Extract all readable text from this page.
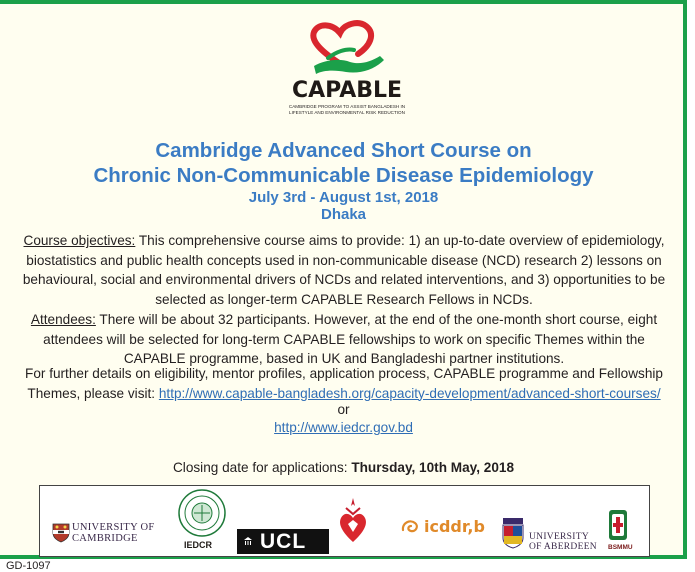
CAPABLE
CAMBRIDGE PROGRAM TO ASSIST BANGLADESH IN LIFESTYLE AND ENVIRONMENTAL RISK REDUCTION
Cambridge Advanced Short Course on
Chronic Non-Communicable Disease Epidemiology
July 3rd - August 1st, 2018
Dhaka
Course objectives: This comprehensive course aims to provide: 1) an up-to-date overview of epidemiology, biostatistics and public health concepts used in non-communicable disease (NCD) research 2) lessons on behavioural, social and environmental drivers of NCDs and related interventions, and 3) opportunities to be selected as longer-term CAPABLE Research Fellows in NCDs.
Attendees: There will be about 32 participants. However, at the end of the one-month short course, eight attendees will be selected for long-term CAPABLE fellowships to work on specific Themes within the CAPABLE programme, based in UK and Bangladeshi partner institutions.
For further details on eligibility, mentor profiles, application process, CAPABLE programme and Fellowship Themes, please visit: http://www.capable-bangladesh.org/capacity-development/advanced-short-courses/
or
http://www.iedcr.gov.bd
Closing date for applications: Thursday, 10th May, 2018
UNIVERSITY OF
CAMBRIDGE
IEDCR UCL
icddr,b
UNIVERSITY
OF ABERDEEN BSMMU
GD-1097
